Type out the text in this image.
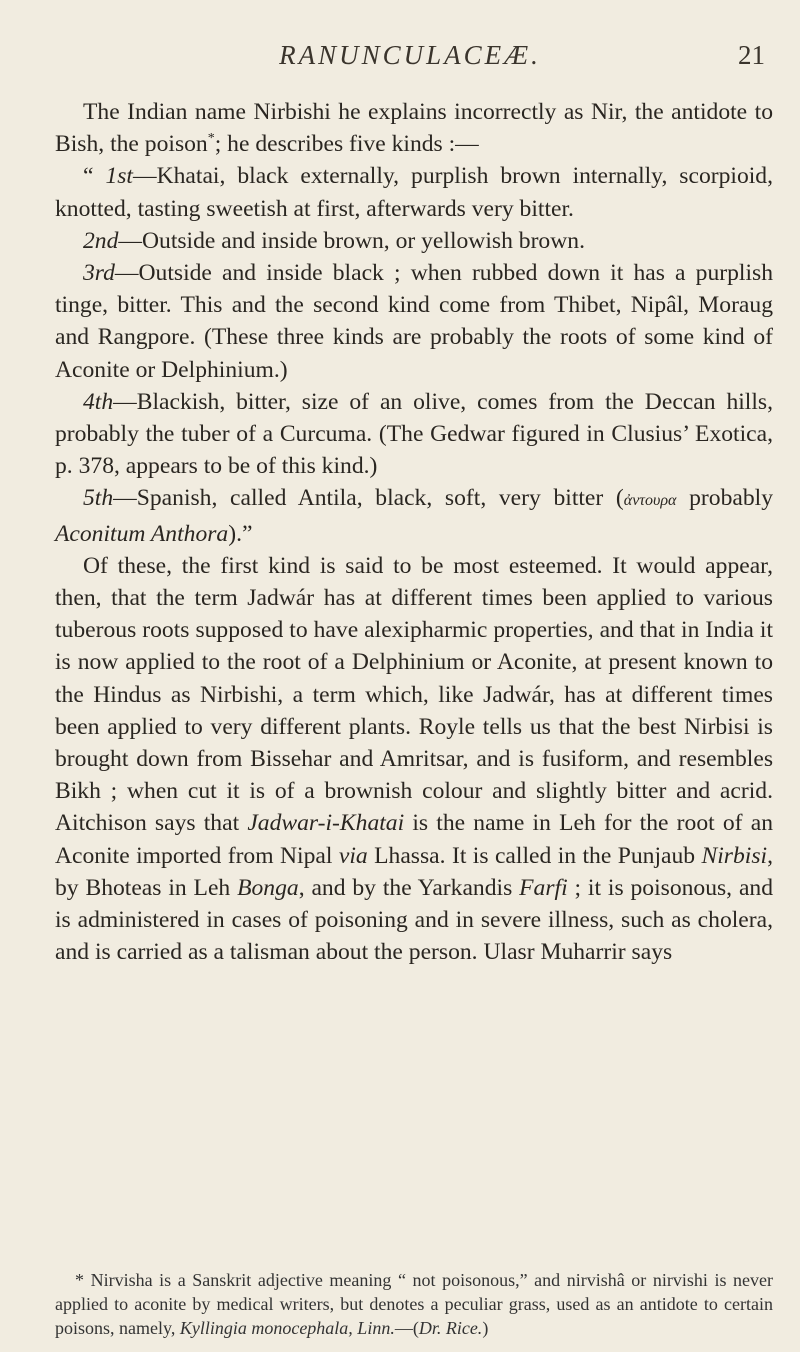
RANUNCULACEÆ.	21

The Indian name Nirbishi he explains incorrectly as Nir, the antidote to Bish, the poison*; he describes five kinds :—

“ 1st—Khatai, black externally, purplish brown internally, scorpioid, knotted, tasting sweetish at first, afterwards very bitter.

2nd—Outside and inside brown, or yellowish brown.

3rd—Outside and inside black ; when rubbed down it has a purplish tinge, bitter. This and the second kind come from Thibet, Nipâl, Moraug and Rangpore. (These three kinds are probably the roots of some kind of Aconite or Delphinium.)

4th—Blackish, bitter, size of an olive, comes from the Deccan hills, probably the tuber of a Curcuma. (The Gedwar figured in Clusius’ Exotica, p. 378, appears to be of this kind.)

5th—Spanish, called Antila, black, soft, very bitter (ἀντουρα probably Aconitum Anthora).”

Of these, the first kind is said to be most esteemed. It would appear, then, that the term Jadwár has at different times been applied to various tuberous roots supposed to have alexipharmic properties, and that in India it is now applied to the root of a Delphinium or Aconite, at present known to the Hindus as Nirbishi, a term which, like Jadwár, has at different times been applied to very different plants. Royle tells us that the best Nirbisi is brought down from Bissehar and Amritsar, and is fusiform, and resembles Bikh ; when cut it is of a brownish colour and slightly bitter and acrid. Aitchison says that Jadwar-i-Khatai is the name in Leh for the root of an Aconite imported from Nipal via Lhassa. It is called in the Punjaub Nirbisi, by Bhoteas in Leh Bonga, and by the Yarkandis Farfi ; it is poisonous, and is administered in cases of poisoning and in severe illness, such as cholera, and is carried as a talisman about the person. Ulasr Muharrir says

* Nirvisha is a Sanskrit adjective meaning “ not poisonous,” and nirvishâ or nirvishi is never applied to aconite by medical writers, but denotes a peculiar grass, used as an antidote to certain poisons, namely, Kyllingia monocephala, Linn.—(Dr. Rice.)
